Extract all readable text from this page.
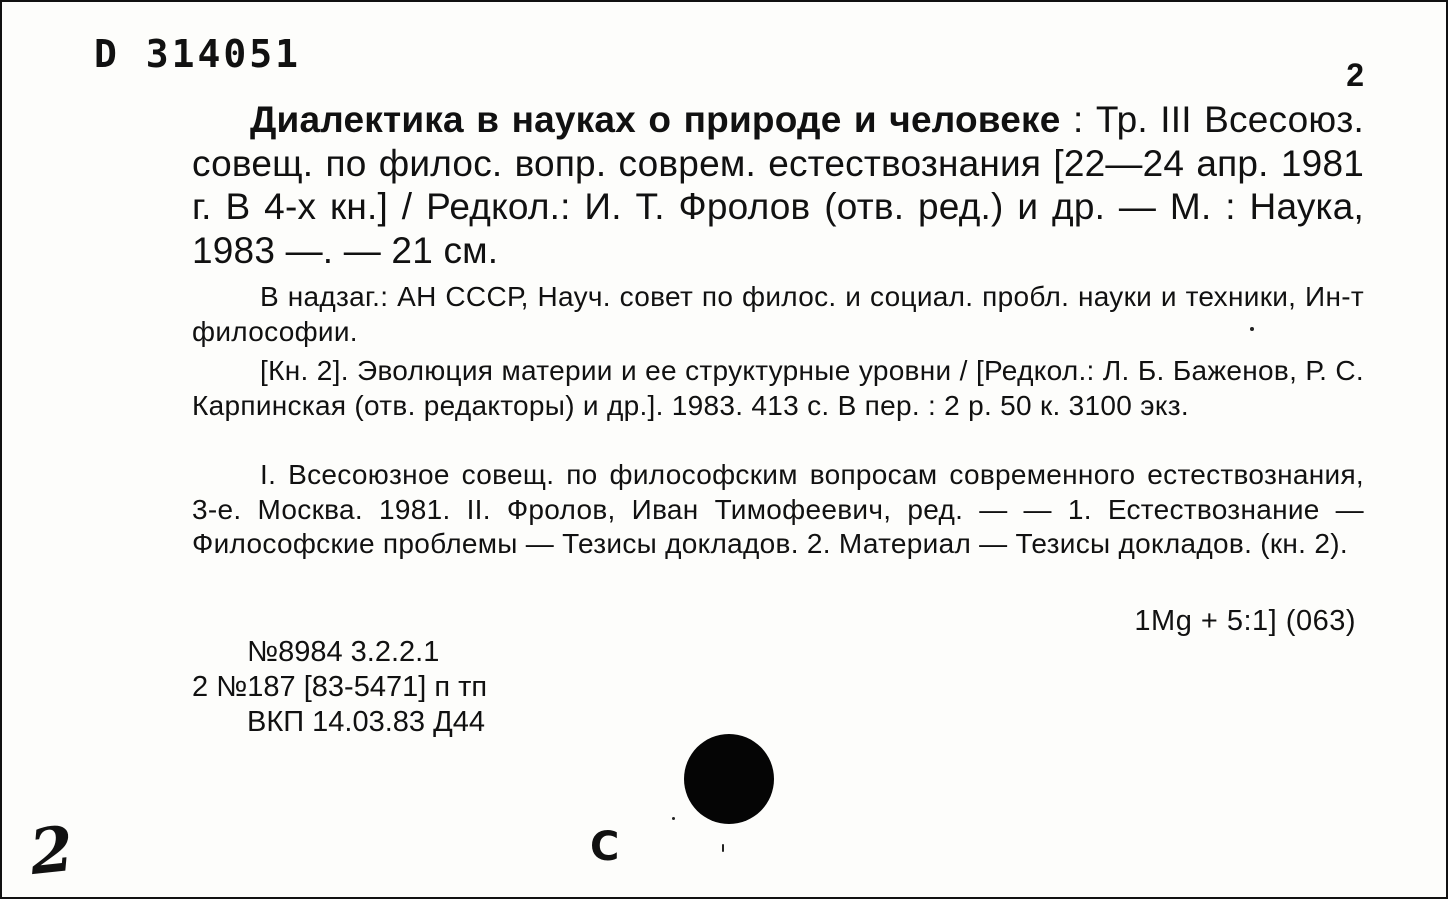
D 314051	2

Диалектика в науках о природе и человеке : Тр. III Всесоюз. совещ. по филос. вопр. соврем. естествознания [22—24 апр. 1981 г. В 4-х кн.] / Редкол.: И. Т. Фролов (отв. ред.) и др. — М. : Наука, 1983 —. — 21 см.

В надзаг.: АН СССР, Науч. совет по филос. и социал. пробл. науки и техники, Ин-т философии.

[Кн. 2]. Эволюция материи и ее структурные уровни / [Редкол.: Л. Б. Баженов, Р. С. Карпинская (отв. редакторы) и др.]. 1983. 413 с. В пер. : 2 р. 50 к. 3100 экз.

I. Всесоюзное совещ. по философским вопросам современного естествознания, 3-е. Москва. 1981. II. Фролов, Иван Тимофеевич, ред. — — 1. Естествознание — Философские проблемы — Тезисы докладов. 2. Материал — Тезисы докладов. (кн. 2).

1Mg + 5:1] (063)
№8984 3.2.2.1
2 №187 [83-5471] п тп
ВКП 14.03.83 Д44
2	C
